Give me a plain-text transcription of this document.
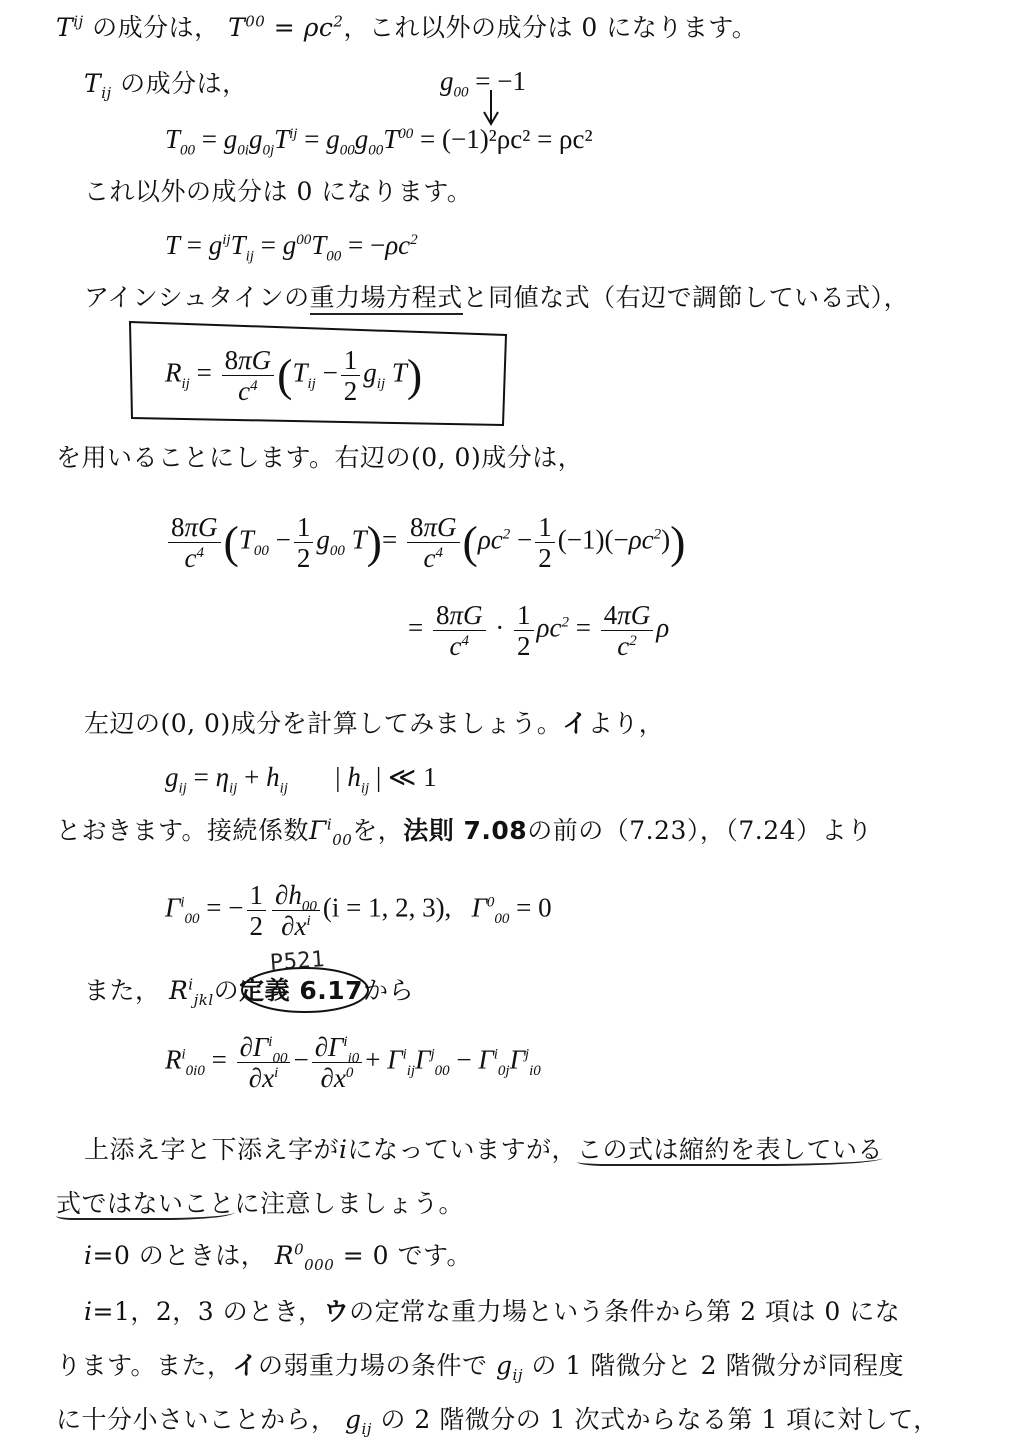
$T^{ij}$ の成分は， $T^{00} = \rho c^2$，これ以外の成分は 0 になります。
$T_{ij}$ の成分は，	$g_{00} = -1$
$T_{00} = g_{0i}g_{0j}T^{ij} = g_{00}g_{00}T^{00} = (-1)^2\rho c^2 = \rho c^2$
これ以外の成分は 0 になります。
$T = g^{ij}T_{ij} = g^{00}T_{00} = -\rho c^2$
アインシュタインの重力場方程式と同値な式（右辺で調節している式），
$R_{ij} = \frac{8\pi G}{c^4} (T_{ij} - \frac{1}{2} g_{ij}$ T)
を用いることにします。右辺の(0, 0)成分は，
$\frac{8\pi G}{c^4} (T_{00} - \frac{1}{2} g_{00}$ $T)= \frac{8\pi G}{c^4} (\rho c^2 - \frac{1}{2} (-1)(-\rho c^2))$
= $\frac{8\pi G}{c^4} \cdot \frac{1}{2} \rho c^2 = \frac{4\pi G}{c^2}$ ρ
左辺の(0, 0)成分を計算してみましょう。イより，
$g_{ij} = \eta_{ij} + h_{ij}$       | $h_{ij}$ | ≪ 1
とおきます。接続係数$\Gamma^i_{00}$を，法則 7.08の前の（7.23），（7.24）より
$\Gamma^i_{00}$ = − $\frac{1}{2} \frac{\partial h_{00}}{\partial x^i} (i = 1$, 2, 3), $\Gamma^0_{00} = 0$
P521
また， $R^i_{jkl}$の定義 6.17から
$R^i_{0i0} = \frac{\partial\Gamma^i_{00}}{\partial x^i} - \frac{\partial\Gamma^i_{i0}}{\partial x^0} + \Gamma^i_{ij}\Gamma^j_{00} - \Gamma^i_{0j}\Gamma^j_{i0}$
上添え字と下添え字がiになっていますが，この式は縮約を表している
式ではないことに注意しましょう。
i=0 のときは， $R^0_{000} = 0$ です。
i=1，2，3 のとき，ウの定常な重力場という条件から第 2 項は 0 にな
ります。また，イの弱重力場の条件で $g_{ij}$ の 1 階微分と 2 階微分が同程度
に十分小さいことから， $g_{ij}$ の 2 階微分の 1 次式からなる第 1 項に対して，
